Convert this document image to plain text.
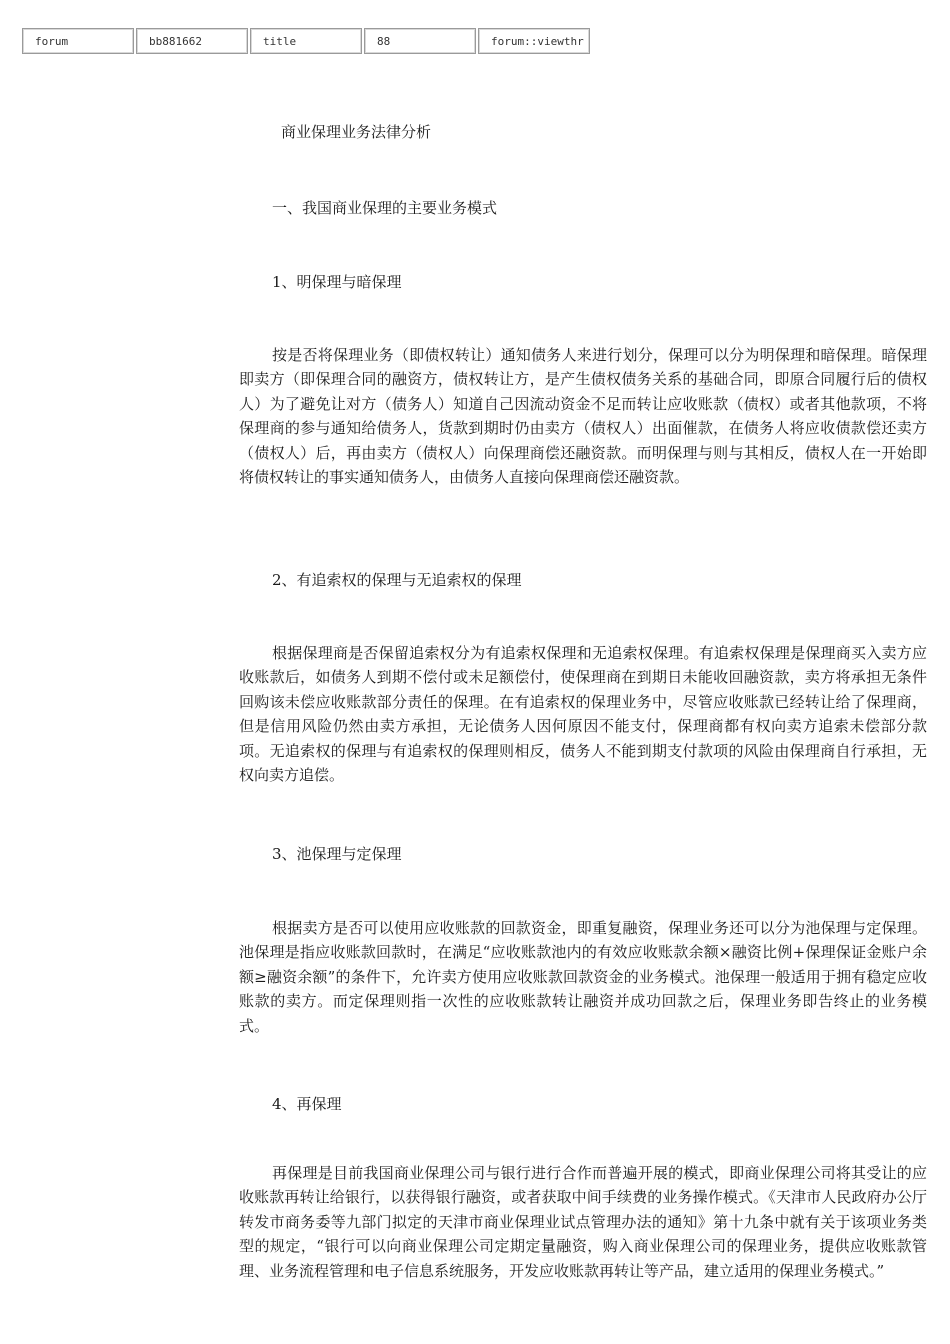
forum	bb881662	title	88	forum::viewthr
商业保理业务法律分析
一、我国商业保理的主要业务模式
1、明保理与暗保理

按是否将保理业务（即债权转让）通知债务人来进行划分，保理可以分为明保理和暗保理。暗保理即卖方（即保理合同的融资方，债权转让方，是产生债权债务关系的基础合同，即原合同履行后的债权人）为了避免让对方（债务人）知道自己因流动资金不足而转让应收账款（债权）或者其他款项，不将保理商的参与通知给债务人，货款到期时仍由卖方（债权人）出面催款，在债务人将应收债款偿还卖方（债权人）后，再由卖方（债权人）向保理商偿还融资款。而明保理与则与其相反，债权人在一开始即将债权转让的事实通知债务人，由债务人直接向保理商偿还融资款。

2、有追索权的保理与无追索权的保理

根据保理商是否保留追索权分为有追索权保理和无追索权保理。有追索权保理是保理商买入卖方应收账款后，如债务人到期不偿付或未足额偿付，使保理商在到期日未能收回融资款，卖方将承担无条件回购该未偿应收账款部分责任的保理。在有追索权的保理业务中，尽管应收账款已经转让给了保理商，但是信用风险仍然由卖方承担，无论债务人因何原因不能支付，保理商都有权向卖方追索未偿部分款项。无追索权的保理与有追索权的保理则相反，债务人不能到期支付款项的风险由保理商自行承担，无权向卖方追偿。

3、池保理与定保理

根据卖方是否可以使用应收账款的回款资金，即重复融资，保理业务还可以分为池保理与定保理。池保理是指应收账款回款时，在满足“应收账款池内的有效应收账款余额×融资比例+保理保证金账户余额≥融资余额”的条件下，允许卖方使用应收账款回款资金的业务模式。池保理一般适用于拥有稳定应收账款的卖方。而定保理则指一次性的应收账款转让融资并成功回款之后，保理业务即告终止的业务模式。

4、再保理

再保理是目前我国商业保理公司与银行进行合作而普遍开展的模式，即商业保理公司将其受让的应收账款再转让给银行，以获得银行融资，或者获取中间手续费的业务操作模式。《天津市人民政府办公厅转发市商务委等九部门拟定的天津市商业保理业试点管理办法的通知》第十九条中就有关于该项业务类型的规定，“银行可以向商业保理公司定期定量融资，购入商业保理公司的保理业务，提供应收账款管理、业务流程管理和电子信息系统服务，开发应收账款再转让等产品，建立适用的保理业务模式。”
